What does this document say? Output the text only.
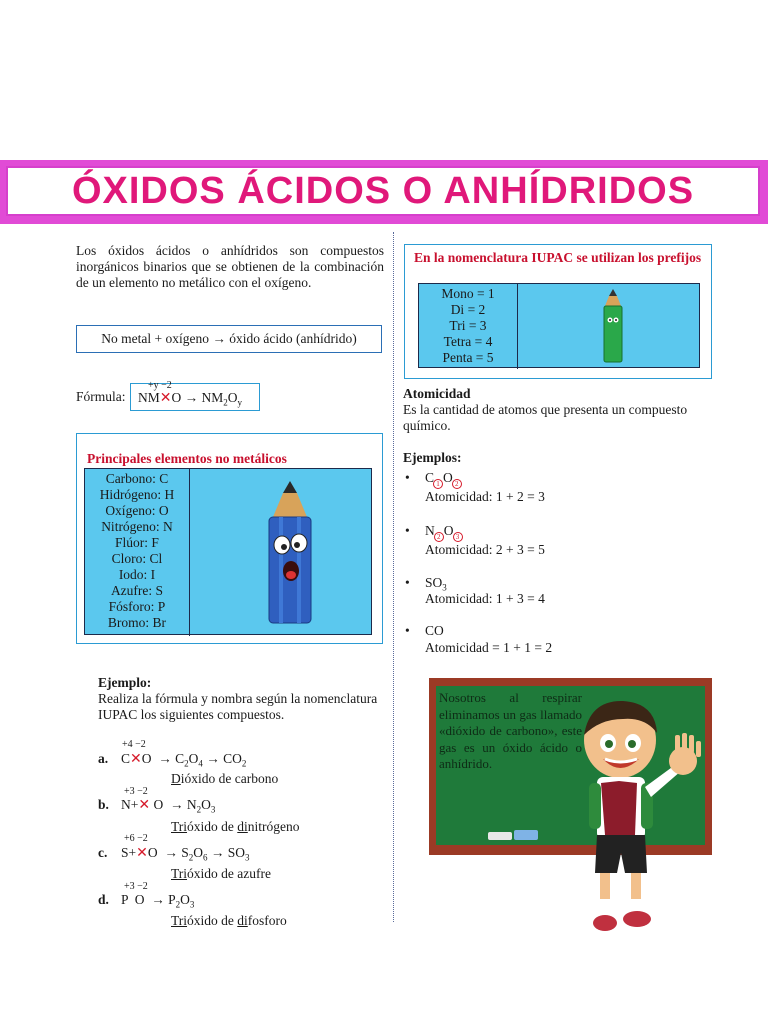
ÓXIDOS ÁCIDOS O ANHÍDRIDOS
Los óxidos ácidos o anhídridos son compuestos inorgánicos binarios que se obtienen de la combinación de un elemento no metálico con el oxígeno.
No metal + oxígeno → óxido ácido (anhídrido)
Fórmula:
+y −2
NM✕O → $NM_2O_y$
Principales elementos no metálicos
Carbono: C
Hidrógeno: H
Oxígeno: O
Nitrógeno: N
Flúor: F
Cloro: Cl
Iodo: I
Azufre: S
Fósforo: P
Bromo: Br
Ejemplo:
Realiza la fórmula y nombra según la nomenclatura IUPAC los siguientes compuestos.
+4 −2
a. C✕O  → $C_2O_4 \to CO_2$
Dióxido de carbono
+3 −2
b. N+✕ $O \to N_2O_3$
Trióxido de dinitrógeno
+6 −2
c. S+✕O  → $S_2O_6 \to SO_3$
Trióxido de azufre
+3 −2
d. P  $O \to P_2O_3$
Trióxido de difosforo
En la nomenclatura IUPAC se utilizan los prefijos
Mono = 1
Di = 2
Tri = 3
Tetra = 4
Penta = 5
Atomicidad
Es la cantidad de atomos que presenta un compuesto químico.
Ejemplos:
• C 1 O 2
Atomicidad: 1 + 2 = 3
• N 2 O 3
Atomicidad: 2 + 3 = 5
• $SO_3$
Atomicidad: 1 + 3 = 4
• CO
Atomicidad = 1 + 1 = 2
Nosotros al respirar eliminamos un gas llamado «dióxido de carbono», este gas es un óxido ácido o anhídrido.
